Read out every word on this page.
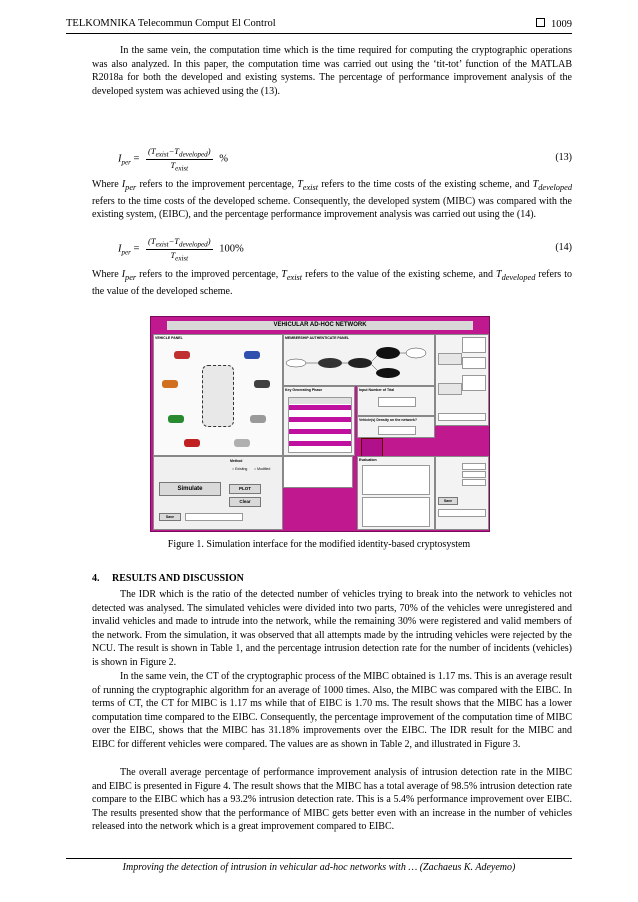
TELKOMNIKA Telecommun Comput El Control	1009
In the same vein, the computation time which is the time required for computing the cryptographic operations was also analyzed. In this paper, the computation time was carried out using the ‘tit-tot’ function of the MATLAB R2018a for both the developed and existing systems. The percentage of performance improvement analysis of the developed system was achieved using the (13).
$I_{per} = \frac{(T_{exist}-T_{developed})}{T_{exist}}$ %	(13)

Where $I_{per}$ refers to the improvement percentage, $T_{exist}$ refers to the time costs of the existing scheme, and $T_{developed}$ refers to the time costs of the developed scheme. Consequently, the developed system (MIBC) was compared with the existing system, (EIBC), and the percentage performance improvement analysis was carried out using the (14).

$I_{per} = \frac{(T_{exist}-T_{developed})}{T_{exist}} 100\%$	(14)

Where $I_{per}$ refers to the improved percentage, $T_{exist}$ refers to the value of the existing scheme, and $T_{developed}$ refers to the value of the developed scheme.

VEHICULAR AD-HOC NETWORK
VEHICLE PANEL	MEMBERSHIP AUTHENTICATE PANEL
Key Generating Phase	Input Number of Trial
Vehicle(s) Density on the network?
Method
○ Existing ○ Modified
Simulate	PLOT
Clear
Save
Evaluation
Save
Figure 1. Simulation interface for the modified identity-based cryptosystem
4. RESULTS AND DISCUSSION
The IDR which is the ratio of the detected number of vehicles trying to break into the network to vehicles not detected was analysed. The simulated vehicles were divided into two parts, 70% of the vehicles were unregistered and invalid vehicles and made to intrude into the network, while the remaining 30% were registered and valid members of the network. From the simulation, it was observed that all attempts made by the intruding vehicles were rejected by the NCU. The result is shown in Table 1, and the percentage intrusion detection rate for the number of incidents (vehicles) is shown in Figure 2.
In the same vein, the CT of the cryptographic process of the MIBC obtained is 1.17 ms. This is an average result of running the cryptographic algorithm for an average of 1000 times. Also, the MIBC was compared with the EIBC. In terms of CT, the CT for MIBC is 1.17 ms while that of EIBC is 1.70 ms. The result shows that the MIBC has a lower computation time compared to the EIBC. Consequently, the percentage improvement of the computation time of MIBC over the EIBC, shows that the MIBC has 31.18% improvements over the EIBC. The IDR result for the MIBC and EIBC for different vehicles were compared. The values are as shown in Table 2, and illustrated in Figure 3.
The overall average percentage of performance improvement analysis of intrusion detection rate in the MIBC and EIBC is presented in Figure 4. The result shows that the MIBC has a total average of 98.5% intrusion detection rate compare to the EIBC which has a 93.2% intrusion detection rate. This is a 5.4% performance improvement over EIBC. The results presented show that the performance of MIBC gets better even with an increase in the number of vehicles released into the network which is a great improvement compared to EIBC.
Improving the detection of intrusion in vehicular ad-hoc networks with … (Zachaeus K. Adeyemo)
